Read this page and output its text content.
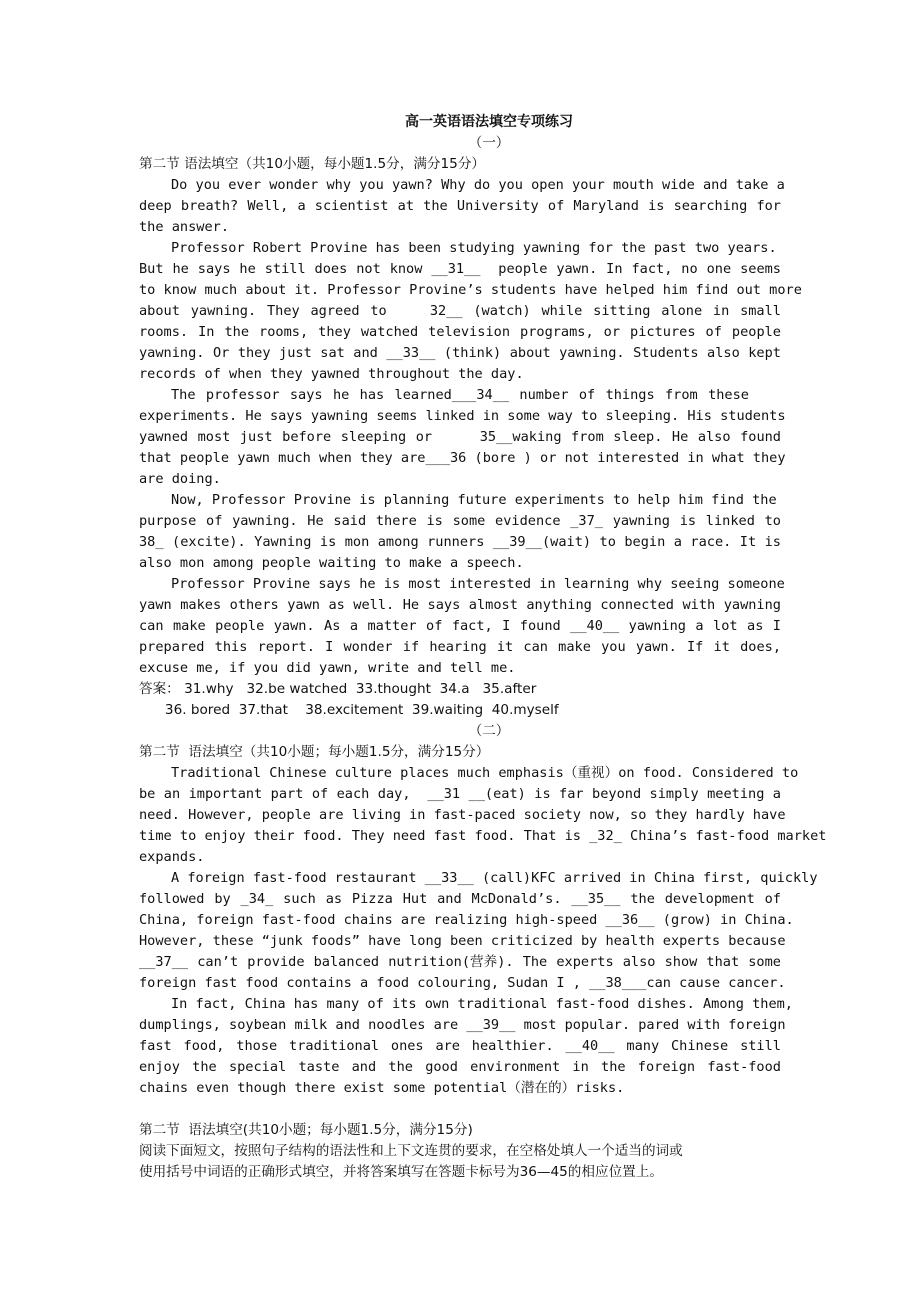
高一英语语法填空专项练习
（一）
第二节 语法填空（共10小题，每小题1.5分，满分15分）
Do you ever wonder why you yawn? Why do you open your mouth wide and take a
deep breath? Well, a scientist at the University of Maryland is searching for
the answer.
Professor Robert Provine has been studying yawning for the past two years.
But he says he still does not know __31__  people yawn. In fact, no one seems
to know much about it. Professor Provine’s students have helped him find out more
about yawning. They agreed to    32__ (watch) while sitting alone in small
rooms. In the rooms, they watched television programs, or pictures of people
yawning. Or they just sat and __33__ (think) about yawning. Students also kept
records of when they yawned throughout the day.
The professor says he has learned___34__ number of things from these
experiments. He says yawning seems linked in some way to sleeping. His students
yawned most just before sleeping or     35__waking from sleep. He also found
that people yawn much when they are___36 (bore ) or not interested in what they
are doing.
Now, Professor Provine is planning future experiments to help him find the
purpose of yawning. He said there is some evidence _37_ yawning is linked to
38_ (excite). Yawning is mon among runners __39__(wait) to begin a race. It is
also mon among people waiting to make a speech.
Professor Provine says he is most interested in learning why seeing someone
yawn makes others yawn as well. He says almost anything connected with yawning
can make people yawn. As a matter of fact, I found __40__ yawning a lot as I
prepared this report. I wonder if hearing it can make you yawn. If it does,
excuse me, if you did yawn, write and tell me.
答案： 31.why   32.be watched  33.thought  34.a   35.after
36. bored  37.that    38.excitement  39.waiting  40.myself
（二）
第二节  语法填空（共10小题；每小题1.5分，满分15分）
Traditional Chinese culture places much emphasis（重视）on food. Considered to
be an important part of each day,  __31 __(eat) is far beyond simply meeting a
need. However, people are living in fast-paced society now, so they hardly have
time to enjoy their food. They need fast food. That is _32_ China’s fast-food market
expands.
A foreign fast-food restaurant __33__ (call)KFC arrived in China first, quickly
followed by _34_ such as Pizza Hut and McDonald’s. __35__ the development of
China, foreign fast-food chains are realizing high-speed __36__ (grow) in China.
However, these “junk foods” have long been criticized by health experts because
__37__ can’t provide balanced nutrition(营养). The experts also show that some
foreign fast food contains a food colouring, Sudan I , __38___can cause cancer.
In fact, China has many of its own traditional fast-food dishes. Among them,
dumplings, soybean milk and noodles are __39__ most popular. pared with foreign
fast food, those traditional ones are healthier. __40__ many Chinese still
enjoy the special taste and the good environment in the foreign fast-food
chains even though there exist some potential（潜在的）risks.
第二节  语法填空(共10小题；每小题1.5分，满分15分)
阅读下面短文，按照句子结构的语法性和上下文连贯的要求，在空格处填人一个适当的词或
使用括号中词语的正确形式填空，并将答案填写在答题卡标号为36—45的相应位置上。
